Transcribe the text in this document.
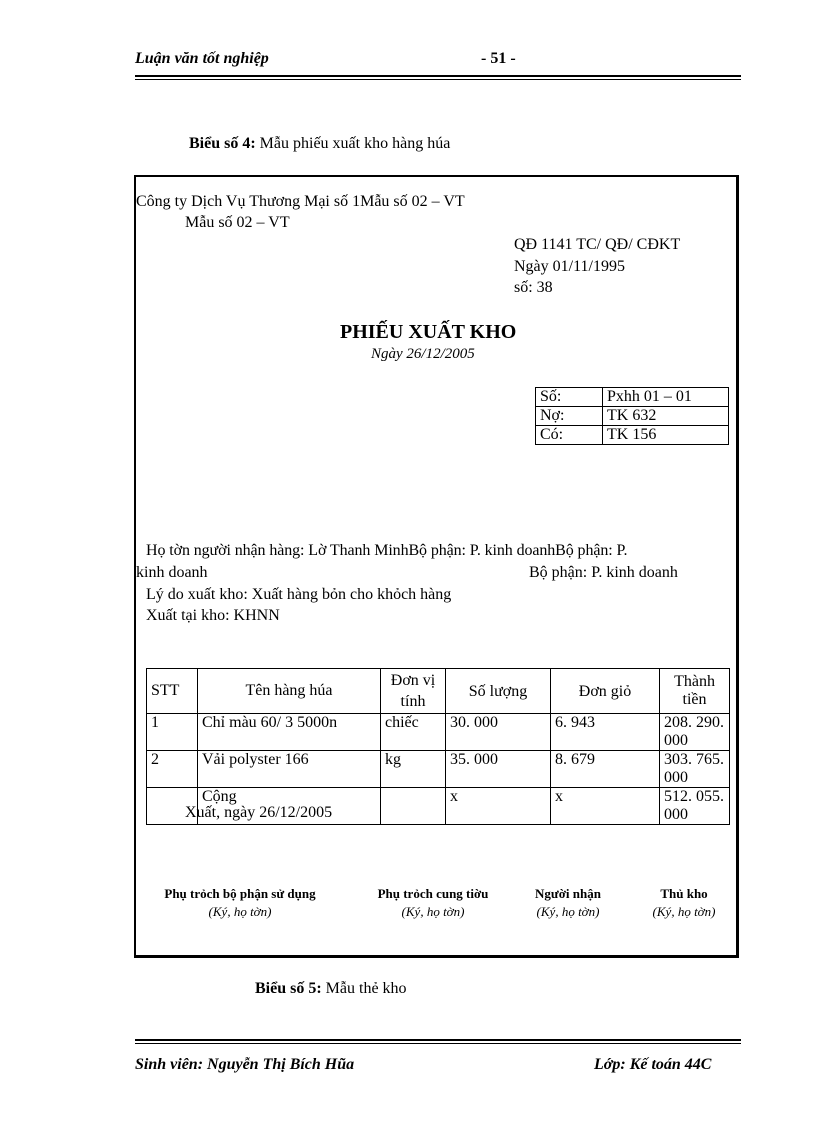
Luận văn tốt nghiệp	- 51 -
Biểu số 4: Mẫu phiếu xuất kho hàng húa
Công ty Dịch Vụ Thương Mại số 1Mẫu số 02 – VT
Mẫu số 02 – VT
QĐ 1141 TC/ QĐ/ CĐKT
Ngày 01/11/1995
số: 38
PHIẾU XUẤT KHO
Ngày 26/12/2005
Số:	Pxhh 01 – 01
Nợ:	TK 632
Có:	TK 156
Họ tờn người nhận hàng: Lờ Thanh MinhBộ phận: P. kinh doanhBộ phận: P.
kinh doanh	Bộ phận: P. kinh doanh
Lý do xuất kho: Xuất hàng bỏn cho khỏch hàng
Xuất tại kho: KHNN
STT	Tên hàng húa	Đơn vị tính	Số lượng	Đơn giỏ	Thành tiền
1	Chỉ màu 60/ 3 5000n	chiếc	30. 000	6. 943	208. 290. 000
2	Vải polyster 166	kg	35. 000	8. 679	303. 765. 000
	Cộng		x	x	512. 055. 000
Xuất, ngày 26/12/2005
Phụ trỏch bộ phận sử dụng
(Ký, họ tờn)
Phụ trỏch cung tiờu
(Ký, họ tờn)
Người nhận
(Ký, họ tờn)
Thủ kho
(Ký, họ tờn)
Biểu số 5: Mẫu thẻ kho
Sinh viên: Nguyễn Thị Bích Hũa	Lớp: Kế toán 44C
